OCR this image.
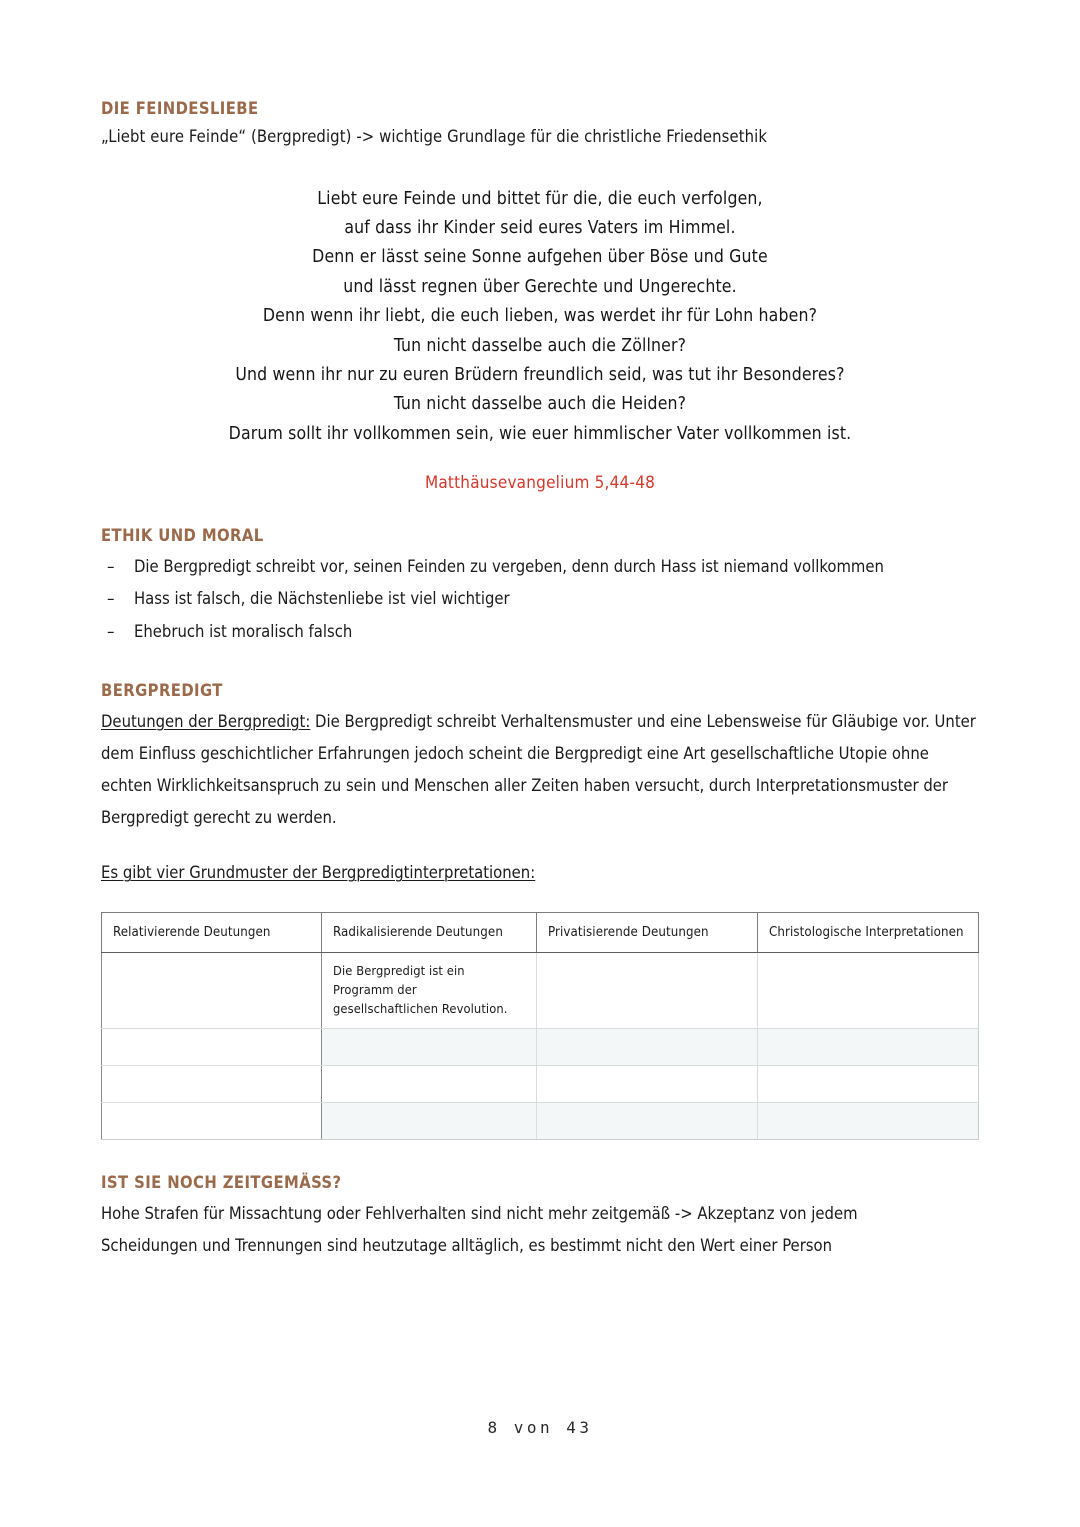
DIE FEINDESLIEBE

„Liebt eure Feinde“ (Bergpredigt) -> wichtige Grundlage für die christliche Friedensethik

Liebt eure Feinde und bittet für die, die euch verfolgen,
auf dass ihr Kinder seid eures Vaters im Himmel.
Denn er lässt seine Sonne aufgehen über Böse und Gute
und lässt regnen über Gerechte und Ungerechte.
Denn wenn ihr liebt, die euch lieben, was werdet ihr für Lohn haben?
Tun nicht dasselbe auch die Zöllner?
Und wenn ihr nur zu euren Brüdern freundlich seid, was tut ihr Besonderes?
Tun nicht dasselbe auch die Heiden?
Darum sollt ihr vollkommen sein, wie euer himmlischer Vater vollkommen ist.
Matthäusevangelium 5,44-48
ETHIK UND MORAL
– Die Bergpredigt schreibt vor, seinen Feinden zu vergeben, denn durch Hass ist niemand vollkommen
– Hass ist falsch, die Nächstenliebe ist viel wichtiger
– Ehebruch ist moralisch falsch
BERGPREDIGT

Deutungen der Bergpredigt: Die Bergpredigt schreibt Verhaltensmuster und eine Lebensweise für Gläubige vor. Unter dem Einfluss geschichtlicher Erfahrungen jedoch scheint die Bergpredigt eine Art gesellschaftliche Utopie ohne echten Wirklichkeitsanspruch zu sein und Menschen aller Zeiten haben versucht, durch Interpretationsmuster der Bergpredigt gerecht zu werden.

Es gibt vier Grundmuster der Bergpredigtinterpretationen:

Relativierende Deutungen	Radikalisierende Deutungen	Privatisierende Deutungen	Christologische Interpretationen
	Die Bergpredigt ist ein Programm der gesellschaftlichen Revolution.		

IST SIE NOCH ZEITGEMÄSS?

Hohe Strafen für Missachtung oder Fehlverhalten sind nicht mehr zeitgemäß -> Akzeptanz von jedem

Scheidungen und Trennungen sind heutzutage alltäglich, es bestimmt nicht den Wert einer Person

8 von 43
